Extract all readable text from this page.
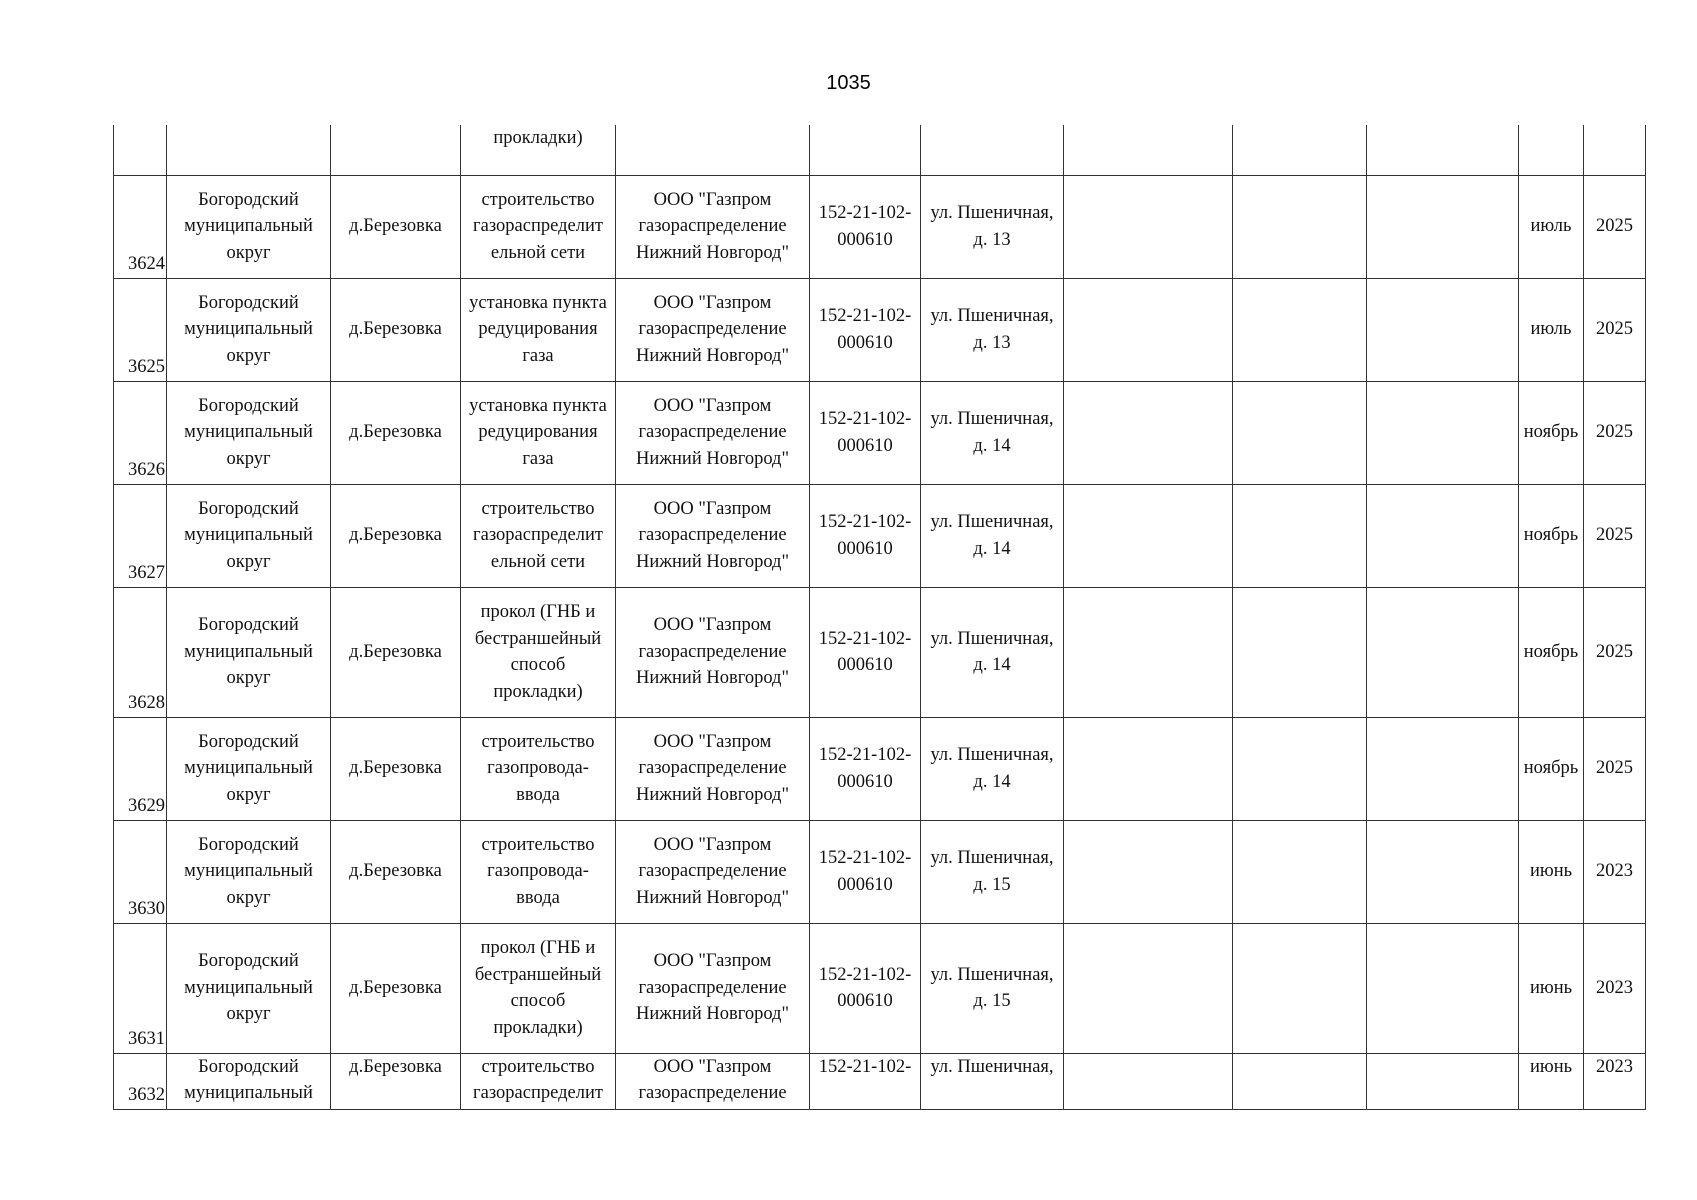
1035
			прокладки)								
3624	Богородский
муниципальный
округ	д.Березовка	строительство
газораспределит
ельной сети	ООО "Газпром
газораспределение
Нижний Новгород"	152-21-102-
000610	ул. Пшеничная,
д. 13				июль	2025
3625	Богородский
муниципальный
округ	д.Березовка	установка пункта
редуцирования
газа	ООО "Газпром
газораспределение
Нижний Новгород"	152-21-102-
000610	ул. Пшеничная,
д. 13				июль	2025
3626	Богородский
муниципальный
округ	д.Березовка	установка пункта
редуцирования
газа	ООО "Газпром
газораспределение
Нижний Новгород"	152-21-102-
000610	ул. Пшеничная,
д. 14				ноябрь	2025
3627	Богородский
муниципальный
округ	д.Березовка	строительство
газораспределит
ельной сети	ООО "Газпром
газораспределение
Нижний Новгород"	152-21-102-
000610	ул. Пшеничная,
д. 14				ноябрь	2025
3628	Богородский
муниципальный
округ	д.Березовка	прокол (ГНБ и
бестраншейный
способ
прокладки)	ООО "Газпром
газораспределение
Нижний Новгород"	152-21-102-
000610	ул. Пшеничная,
д. 14				ноябрь	2025
3629	Богородский
муниципальный
округ	д.Березовка	строительство
газопровода-
ввода	ООО "Газпром
газораспределение
Нижний Новгород"	152-21-102-
000610	ул. Пшеничная,
д. 14				ноябрь	2025
3630	Богородский
муниципальный
округ	д.Березовка	строительство
газопровода-
ввода	ООО "Газпром
газораспределение
Нижний Новгород"	152-21-102-
000610	ул. Пшеничная,
д. 15				июнь	2023
3631	Богородский
муниципальный
округ	д.Березовка	прокол (ГНБ и
бестраншейный
способ
прокладки)	ООО "Газпром
газораспределение
Нижний Новгород"	152-21-102-
000610	ул. Пшеничная,
д. 15				июнь	2023
3632	Богородский
муниципальный	д.Березовка	строительство
газораспределит	ООО "Газпром
газораспределение	152-21-102-	ул. Пшеничная,				июнь	2023
